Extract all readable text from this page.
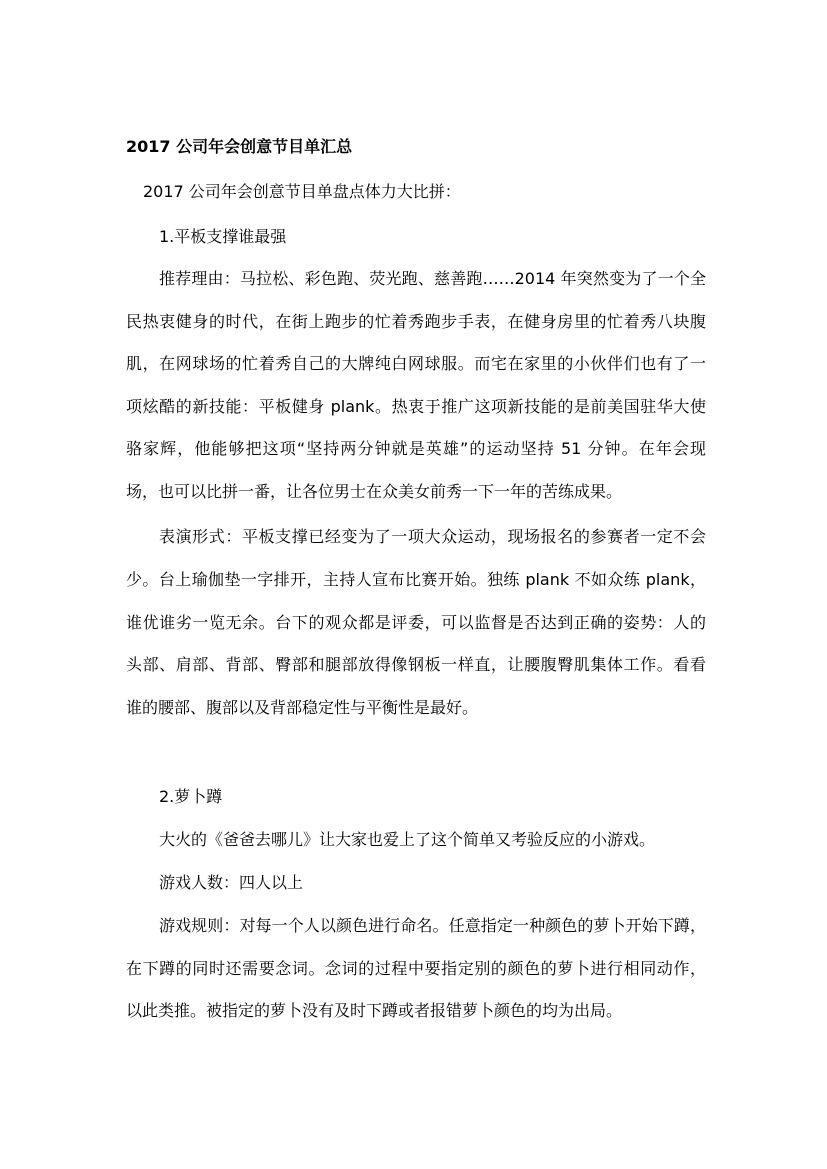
2017 公司年会创意节目单汇总
2017 公司年会创意节目单盘点体力大比拼：
1.平板支撑谁最强
推荐理由：马拉松、彩色跑、荧光跑、慈善跑……2014 年突然变为了一个全
民热衷健身的时代，在街上跑步的忙着秀跑步手表，在健身房里的忙着秀八块腹
肌，在网球场的忙着秀自己的大牌纯白网球服。而宅在家里的小伙伴们也有了一
项炫酷的新技能：平板健身 plank。热衷于推广这项新技能的是前美国驻华大使
骆家辉，他能够把这项“坚持两分钟就是英雄”的运动坚持 51 分钟。在年会现
场，也可以比拼一番，让各位男士在众美女前秀一下一年的苦练成果。
表演形式：平板支撑已经变为了一项大众运动，现场报名的参赛者一定不会
少。台上瑜伽垫一字排开，主持人宣布比赛开始。独练 plank 不如众练 plank，
谁优谁劣一览无余。台下的观众都是评委，可以监督是否达到正确的姿势：人的
头部、肩部、背部、臀部和腿部放得像钢板一样直，让腰腹臀肌集体工作。看看
谁的腰部、腹部以及背部稳定性与平衡性是最好。
2.萝卜蹲
大火的《爸爸去哪儿》让大家也爱上了这个简单又考验反应的小游戏。
游戏人数：四人以上
游戏规则：对每一个人以颜色进行命名。任意指定一种颜色的萝卜开始下蹲，
在下蹲的同时还需要念词。念词的过程中要指定别的颜色的萝卜进行相同动作，
以此类推。被指定的萝卜没有及时下蹲或者报错萝卜颜色的均为出局。
